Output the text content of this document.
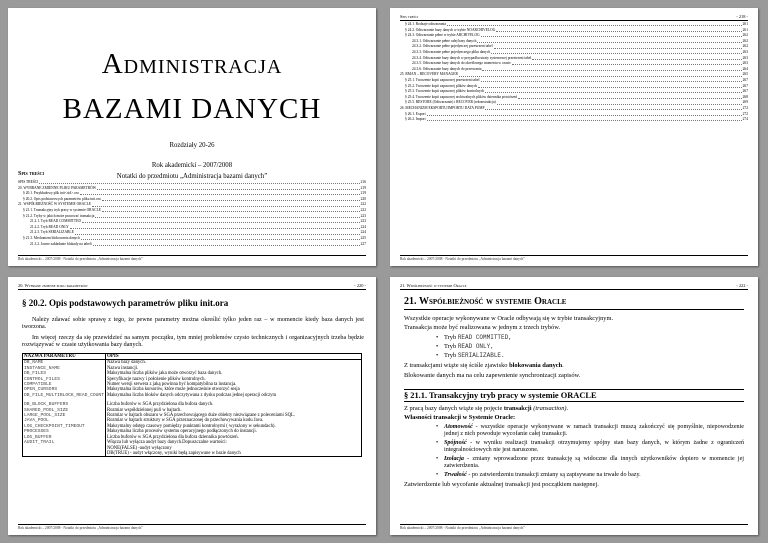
Administracja
BAZAMI DANYCH
Rozdziały 20-26
Rok akademicki – 2007/2008
Notatki do przedmiotu „Administracja bazami danych”
Spis treści
SPIS TREŚCI	216
20. WYBRANE ZMIENNE PLIKU PARAMETRÓW	219
§ 20.1. Przykładowy plik init<sid>.ora	219
§ 20.2. Opis podstawowych parametrów pliku init.ora	220
21. WSPÓŁBIEŻNOŚĆ W SYSTEMIE ORACLE	222
§ 21.1. Transakcyjny tryb pracy w systemie ORACLE	222
§ 21.2. Tryby w jakich może pracować transakcja	223
21.2.1. Tryb READ COMMITTED	223
21.2.2. Tryb READ ONLY	224
21.2.3. Tryb SERIALIZABLE	224
§ 21.3. Mechanizm blokowania danych	225
21.3.2. Jawne zakładanie blokady na tabeli	227
Rok akademicki – 2007/2008 - Notatki do przedmiotu „Administracja bazami danych”
Spis treści	- 218 -
§ 24.1. Rodzaje odtwarzania	261
§ 24.2. Odtwarzanie bazy danych w trybie NOARCHIVELOG	261
§ 24.3. Odtwarzanie pełne w trybie ARCHIVELOG	262
24.3.1. Odtwarzanie pełne całej bazy danych	262
24.3.2. Odtwarzanie pełne pojedynczej przestrzeni tabel	262
24.3.3. Odtwarzanie pełne pojedynczego pliku danych	263
24.3.4. Odtwarzanie bazy danych w przypadku utraty systemowej przestrzeni tabel	263
24.3.5. Odtwarzanie bazy danych do określonego momentu w czasie	263
24.3.6. Odtwarzanie bazy danych do przerwania	264
25. RMAN – RECOVERY MANAGER	265
§ 25.1. Tworzenie kopii zapasowej przestrzeni tabel	267
§ 25.2. Tworzenie kopii zapasowej plików danych	267
§ 25.3. Tworzenie kopii zapasowej plików kontrolnych	267
§ 25.4. Tworzenie kopii zapasowej archiwalnych plików dziennika powtórzeń	268
§ 25.5. RESTORE (Odtwarzanie) i RECOVER (rekonstrukcja)	269
26. MECHANIZM EKSPORTU/IMPORTU DATA PUMP	272
§ 26.1. Export	272
§ 26.2. Import	274
Rok akademicki – 2007/2008 - Notatki do przedmiotu „Administracja bazami danych”
20. Wybrane zmienne pliku parametrów	- 220 -
§ 20.2. Opis podstawowych parametrów pliku init.ora
Należy zdawać sobie sprawę z tego, że pewne parametry można określić tylko jeden raz – w momencie kiedy baza danych jest tworzona.
Im więcej rzeczy da się przewidzieć na samym początku, tym mniej problemów czysto technicznych i organizacyjnych trzeba będzie rozwiązywać w czasie użytkowania bazy danych.
NAZWA PARAMETRU	OPIS
DB_NAME	Nazwa bazy danych.
INSTANCE_NAME	Nazwa instancji.
DB_FILES	Maksymalna liczba plików jaka może otworzyć baza danych.
CONTROL_FILES	Specyfikacje nazwy i położenie plików kontrolnych.
COMPATIBLE	Numer wersji serwera z jaką powinna być kompatybilna ta instancja.
OPEN_CURSORS	Maksymalna liczba kursorów, które może jednocześnie otworzyć sesja
DB_FILE_MULTIBLOCK_READ_COUNT	Maksymalna liczba bloków danych odczytywana z dysku podczas jednej operacji odczytu

DB_BLOCK_BUFFERS	Liczba buforów w SGA przydzielona dla bufora danych.
SHARED_POOL_SIZE	Rozmiar współdzielonej puli w bajtach.
LARGE_POOL_SIZE	Rozmiar w bajtach obszaru w SGA przechowującego duże obiekty niezwiązane z poleceniami SQL.
JAVA_POOL	Rozmiar w bajtach struktury w SGA przeznaczonej do przechowywania kodu Java.
LOG_CHECKPOINT_TIMEOUT	Maksymalny odstęp czasowy pomiędzy punktami kontrolnymi ( wyrażony w sekundach).
PROCESSES	Maksymalna liczba procesów systemu operacyjnego podłączonych do instancji.
LOG_BUFFER	Liczba buforów w SGA przydzielona dla bufora dziennika powtórzeń.
AUDIT_TRAIL	Włącza lub wyłącza audyt bazy danych.Dopuszczalne wartości:
NONE(FALSE) -audyt wyłączony
DB(TRUE) - audyt włączony, wyniki będą zapisywane w bazie danych
Rok akademicki – 2007/2008 - Notatki do przedmiotu „Administracja bazami danych”
21. Współbieżność w systemie Oracle	- 222 -
21. Współbieżność w systemie Oracle
Wszystkie operacje wykonywane w Oracle odbywają się w trybie transakcyjnym.
Transakcja może być realizowana w jednym z trzech trybów.
• Tryb READ COMMITTED,
• Tryb READ ONLY,
• Tryb SERIALIZABLE.
Z transakcjami wiąże się ściśle zjawisko blokowania danych.
Blokowanie danych ma na celu zapewnienie synchronizacji zapisów.
§ 21.1. Transakcyjny tryb pracy w systemie ORACLE
Z pracą bazy danych wiąże się pojęcie transakcji (transaction).
Własności transakcji w Systemie Oracle:
• Atomowość - wszystkie operacje wykonywane w ramach transakcji muszą zakończyć się pomyślnie, niepowodzenie jednej z nich powoduje wycofanie całej transakcji.
• Spójność - w wyniku realizacji transakcji otrzymujemy spójny stan bazy danych, w którym żadne z ograniczeń integralnościowych nie jest naruszone.
• Izolacja - zmiany wprowadzone przez transakcję są widoczne dla innych użytkowników dopiero w momencie jej zatwierdzenia.
• Trwałość - po zatwierdzeniu transakcji zmiany są zapisywane na trwałe do bazy.
Zatwierdzenie lub wycofanie aktualnej transakcji jest początkiem następnej.
Rok akademicki – 2007/2008 - Notatki do przedmiotu „Administracja bazami danych”
